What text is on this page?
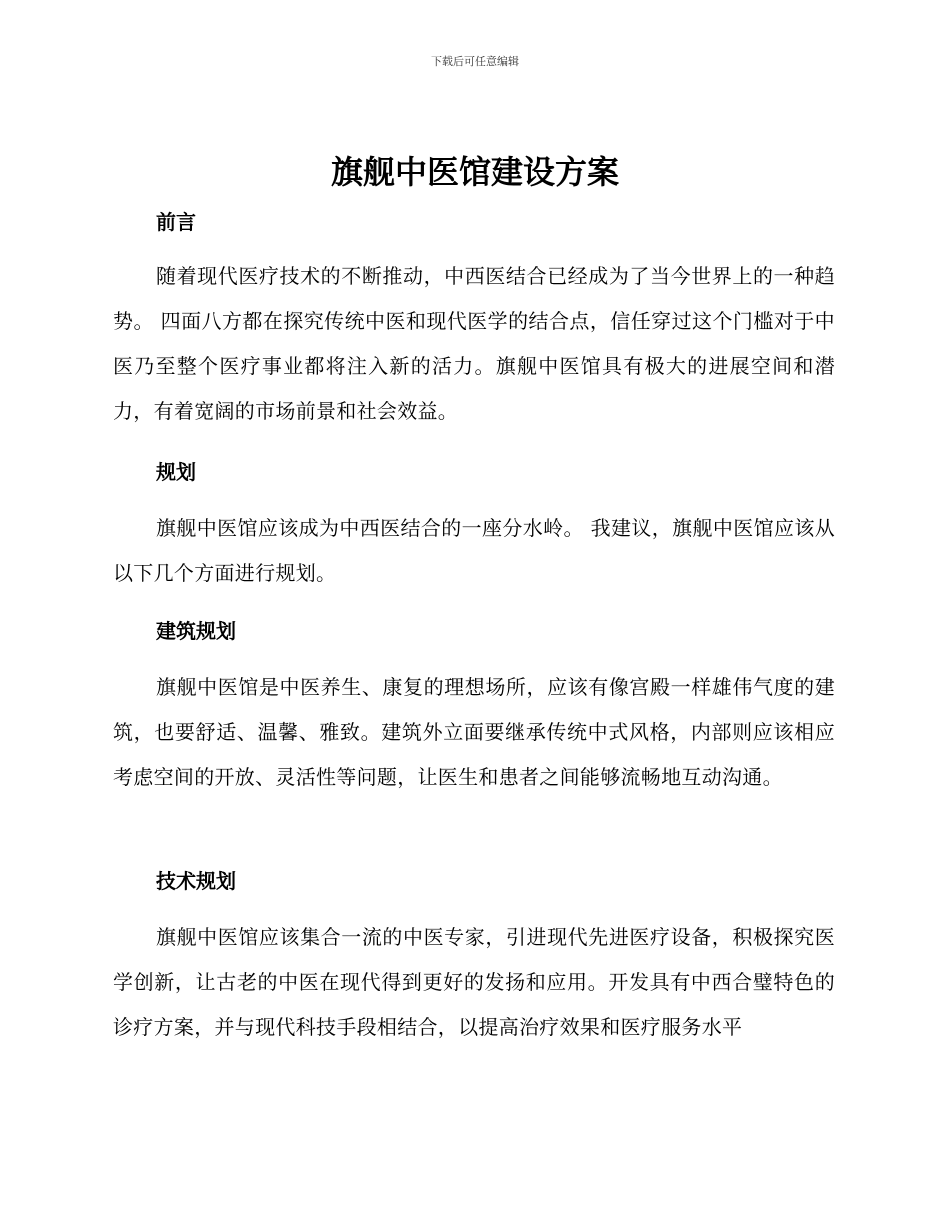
下载后可任意编辑
旗舰中医馆建设方案
前言

随着现代医疗技术的不断推动，中西医结合已经成为了当今世界上的一种趋势。 四面八方都在探究传统中医和现代医学的结合点，信任穿过这个门槛对于中医乃至整个医疗事业都将注入新的活力。旗舰中医馆具有极大的进展空间和潜力，有着宽阔的市场前景和社会效益。

规划

旗舰中医馆应该成为中西医结合的一座分水岭。 我建议，旗舰中医馆应该从以下几个方面进行规划。

建筑规划

旗舰中医馆是中医养生、康复的理想场所，应该有像宫殿一样雄伟气度的建筑，也要舒适、温馨、雅致。建筑外立面要继承传统中式风格，内部则应该相应考虑空间的开放、灵活性等问题，让医生和患者之间能够流畅地互动沟通。

技术规划

旗舰中医馆应该集合一流的中医专家，引进现代先进医疗设备，积极探究医学创新，让古老的中医在现代得到更好的发扬和应用。开发具有中西合璧特色的诊疗方案，并与现代科技手段相结合，以提高治疗效果和医疗服务水平
